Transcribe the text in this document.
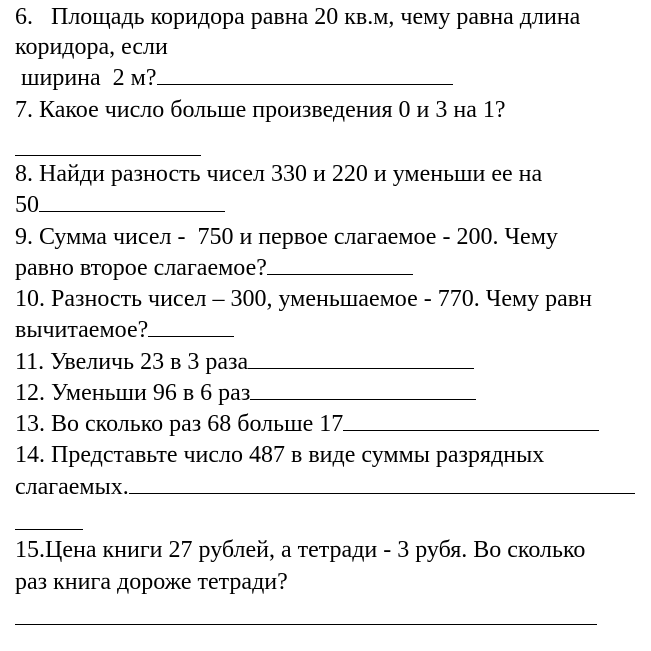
6.   Площадь коридора равна 20 кв.м, чему равна длина
коридора, если
ширина  2 м?
7. Какое число больше произведения 0 и 3 на 1?
8. Найди разность чисел 330 и 220 и уменьши ее на
50
9. Сумма чисел -  750 и первое слагаемое - 200. Чему
равно второе слагаемое?
10. Разность чисел – 300, уменьшаемое - 770. Чему равн
вычитаемое?
11. Увеличь 23 в 3 раза
12. Уменьши 96 в 6 раз
13. Во сколько раз 68 больше 17
14. Представьте число 487 в виде суммы разрядных
слагаемых.
15.Цена книги 27 рублей, а тетради - 3 рубя. Во сколько
раз книга дороже тетради?
